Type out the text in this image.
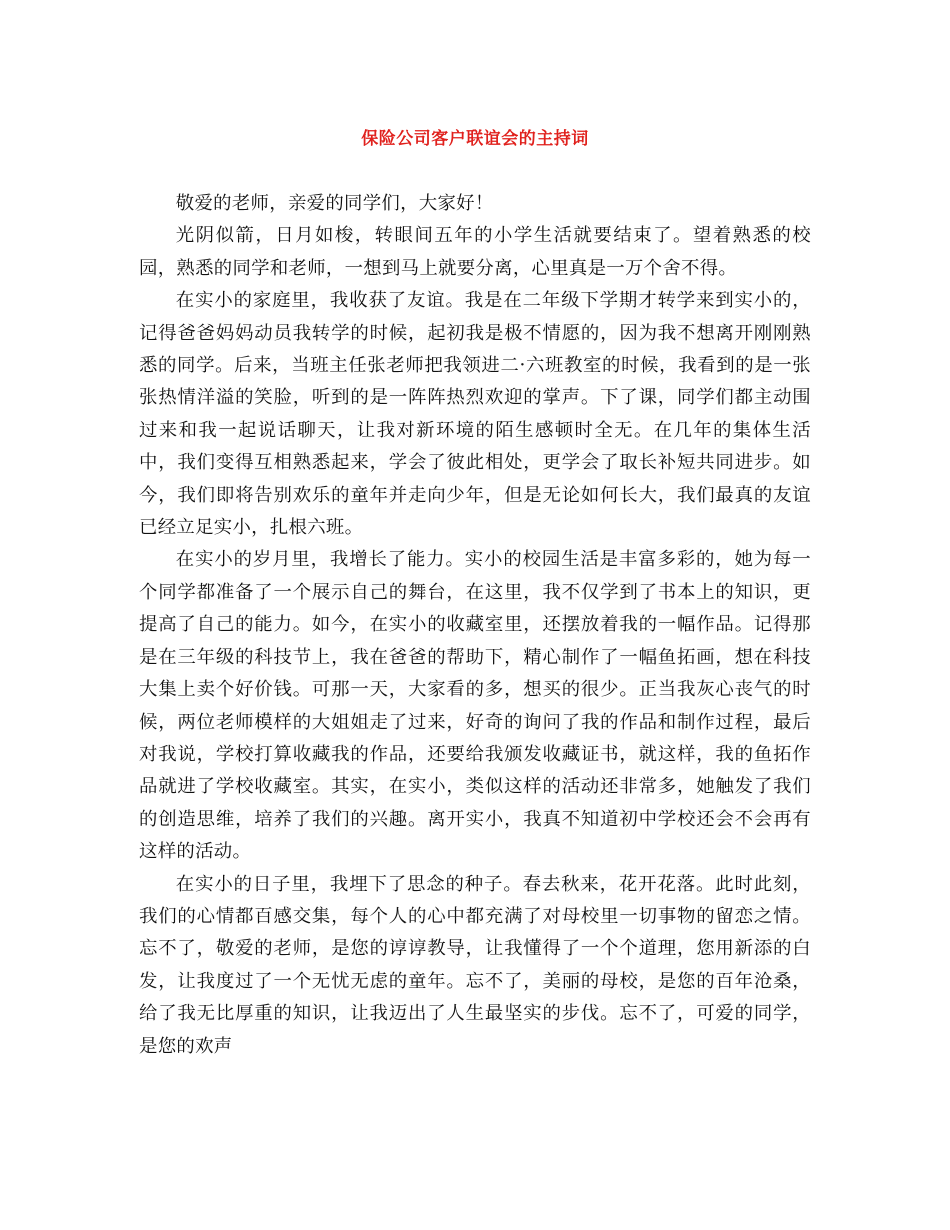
保险公司客户联谊会的主持词

敬爱的老师，亲爱的同学们，大家好！

光阴似箭，日月如梭，转眼间五年的小学生活就要结束了。望着熟悉的校园，熟悉的同学和老师，一想到马上就要分离，心里真是一万个舍不得。

在实小的家庭里，我收获了友谊。我是在二年级下学期才转学来到实小的，记得爸爸妈妈动员我转学的时候，起初我是极不情愿的，因为我不想离开刚刚熟悉的同学。后来，当班主任张老师把我领进二·六班教室的时候，我看到的是一张张热情洋溢的笑脸，听到的是一阵阵热烈欢迎的掌声。下了课，同学们都主动围过来和我一起说话聊天，让我对新环境的陌生感顿时全无。在几年的集体生活中，我们变得互相熟悉起来，学会了彼此相处，更学会了取长补短共同进步。如今，我们即将告别欢乐的童年并走向少年，但是无论如何长大，我们最真的友谊已经立足实小，扎根六班。

在实小的岁月里，我增长了能力。实小的校园生活是丰富多彩的，她为每一个同学都准备了一个展示自己的舞台，在这里，我不仅学到了书本上的知识，更提高了自己的能力。如今，在实小的收藏室里，还摆放着我的一幅作品。记得那是在三年级的科技节上，我在爸爸的帮助下，精心制作了一幅鱼拓画，想在科技大集上卖个好价钱。可那一天，大家看的多，想买的很少。正当我灰心丧气的时候，两位老师模样的大姐姐走了过来，好奇的询问了我的作品和制作过程，最后对我说，学校打算收藏我的作品，还要给我颁发收藏证书，就这样，我的鱼拓作品就进了学校收藏室。其实，在实小，类似这样的活动还非常多，她触发了我们的创造思维，培养了我们的兴趣。离开实小，我真不知道初中学校还会不会再有这样的活动。

在实小的日子里，我埋下了思念的种子。春去秋来，花开花落。此时此刻，我们的心情都百感交集，每个人的心中都充满了对母校里一切事物的留恋之情。忘不了，敬爱的老师，是您的谆谆教导，让我懂得了一个个道理，您用新添的白发，让我度过了一个无忧无虑的童年。忘不了，美丽的母校，是您的百年沧桑，给了我无比厚重的知识，让我迈出了人生最坚实的步伐。忘不了，可爱的同学，是您的欢声
